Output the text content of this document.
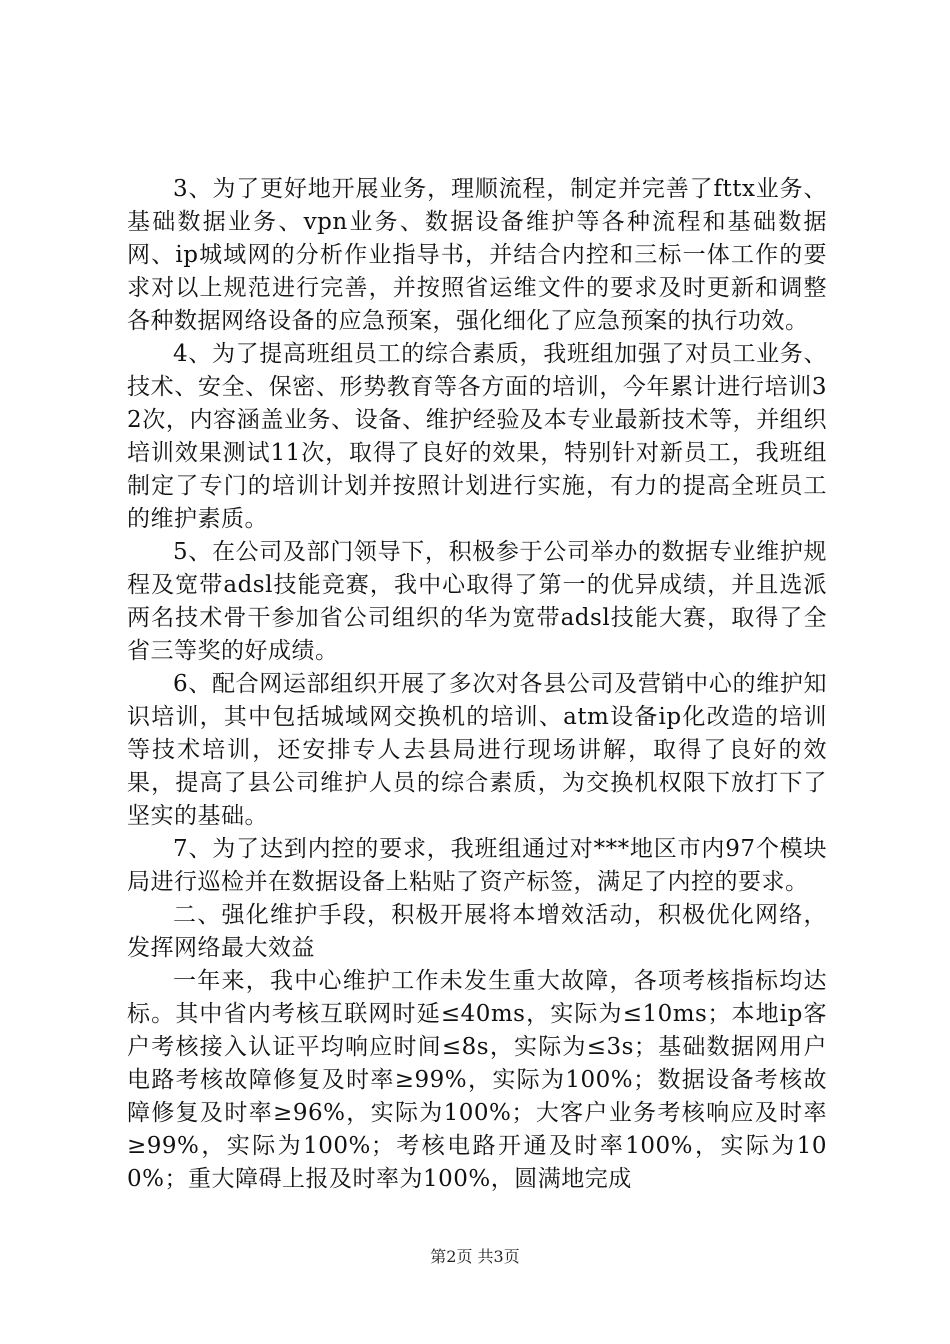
3、为了更好地开展业务，理顺流程，制定并完善了fttx业务、基础数据业务、vpn业务、数据设备维护等各种流程和基础数据网、ip城域网的分析作业指导书，并结合内控和三标一体工作的要求对以上规范进行完善，并按照省运维文件的要求及时更新和调整各种数据网络设备的应急预案，强化细化了应急预案的执行功效。

4、为了提高班组员工的综合素质，我班组加强了对员工业务、技术、安全、保密、形势教育等各方面的培训，今年累计进行培训32次，内容涵盖业务、设备、维护经验及本专业最新技术等，并组织培训效果测试11次，取得了良好的效果，特别针对新员工，我班组制定了专门的培训计划并按照计划进行实施，有力的提高全班员工的维护素质。

5、在公司及部门领导下，积极参于公司举办的数据专业维护规程及宽带adsl技能竞赛，我中心取得了第一的优异成绩，并且选派两名技术骨干参加省公司组织的华为宽带adsl技能大赛，取得了全省三等奖的好成绩。

6、配合网运部组织开展了多次对各县公司及营销中心的维护知识培训，其中包括城域网交换机的培训、atm设备ip化改造的培训等技术培训，还安排专人去县局进行现场讲解，取得了良好的效果，提高了县公司维护人员的综合素质，为交换机权限下放打下了坚实的基础。

7、为了达到内控的要求，我班组通过对***地区市内97个模块局进行巡检并在数据设备上粘贴了资产标签，满足了内控的要求。

二、强化维护手段，积极开展将本增效活动，积极优化网络，发挥网络最大效益

一年来，我中心维护工作未发生重大故障，各项考核指标均达标。其中省内考核互联网时延≤40ms，实际为≤10ms；本地ip客户考核接入认证平均响应时间≤8s，实际为≤3s；基础数据网用户电路考核故障修复及时率≥99%，实际为100%；数据设备考核故障修复及时率≥96%，实际为100%；大客户业务考核响应及时率≥99%，实际为100%；考核电路开通及时率100%，实际为100%；重大障碍上报及时率为100%，圆满地完成

第2页 共3页
